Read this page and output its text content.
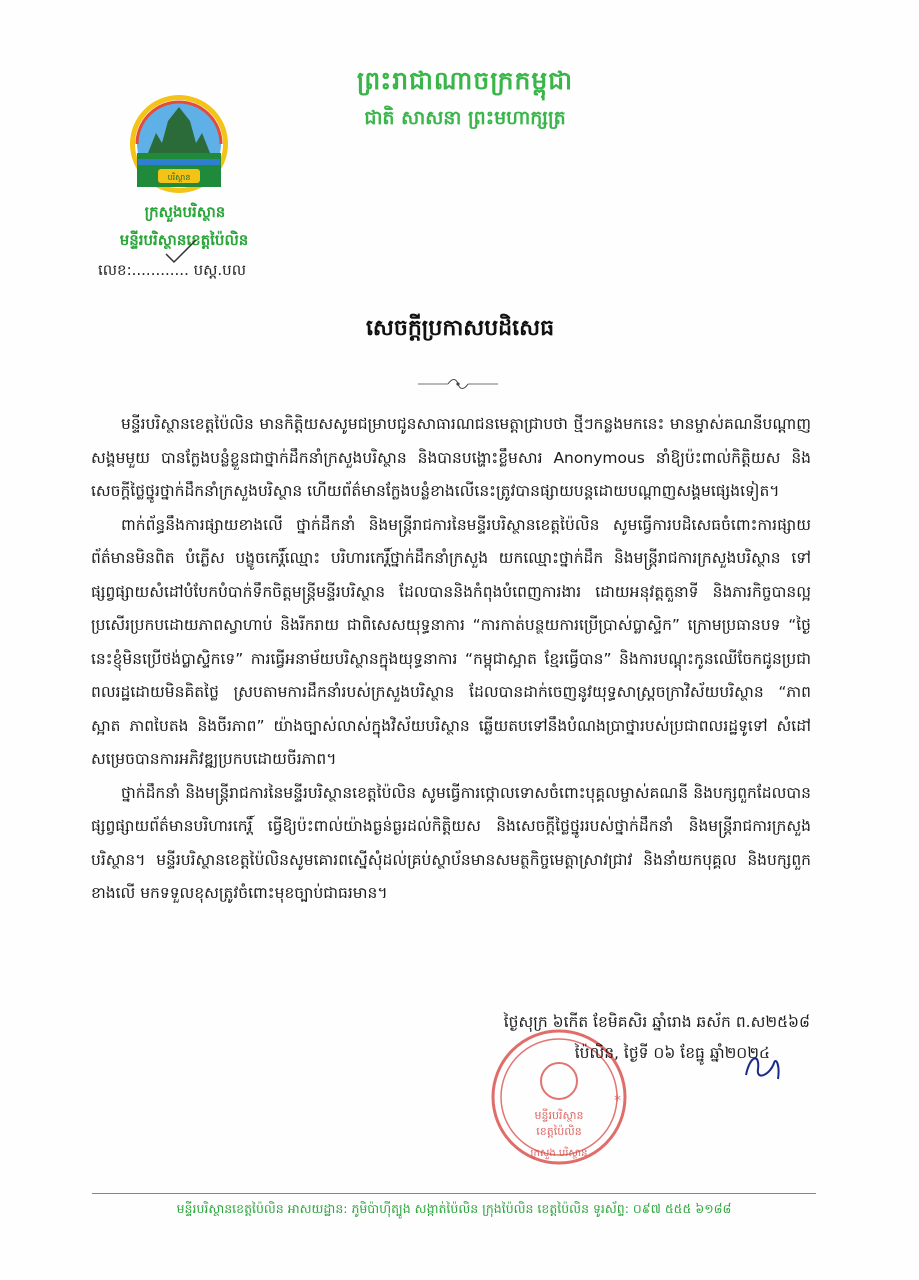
បរិស្ថាន
ព្រះរាជាណាចក្រកម្ពុជា
ជាតិ សាសនា ព្រះមហាក្សត្រ
ក្រសួងបរិស្ថាន
មន្ទីរបរិស្ថានខេត្តប៉ៃលិន
លេខ:............ បស្ត.បល
សេចក្ដីប្រកាសបដិសេធ

មន្ទីរបរិស្ថានខេត្តប៉ៃលិន មានកិត្តិយសសូមជម្រាបជូនសាធារណជនមេត្តាជ្រាបថា ថ្មីៗកន្លងមកនេះ មានម្ចាស់គណនីបណ្ដាញសង្គមមួយ បានក្លែងបន្លំខ្លួនជាថ្នាក់ដឹកនាំក្រសួងបរិស្ថាន និងបានបង្ហោះខ្លឹមសារ Anonymous នាំឱ្យប៉ះពាល់កិត្តិយស និងសេចក្ដីថ្លៃថ្នូរថ្នាក់ដឹកនាំក្រសួងបរិស្ថាន ហើយព័ត៌មានក្លែងបន្លំខាងលើនេះត្រូវបានផ្សាយបន្តដោយបណ្ដាញសង្គមផ្សេងទៀត។

ពាក់ព័ន្ធនឹងការផ្សាយខាងលើ ថ្នាក់ដឹកនាំ និងមន្ត្រីរាជការនៃមន្ទីរបរិស្ថានខេត្តប៉ៃលិន សូមធ្វើការបដិសេធចំពោះការផ្សាយព័ត៌មានមិនពិត បំភ្លើស បង្ខូចកេរ្តិ៍ឈ្មោះ បរិហារកេរ្តិ៍ថ្នាក់ដឹកនាំក្រសួង យកឈ្មោះថ្នាក់ដឹក និងមន្ត្រីរាជការក្រសួងបរិស្ថាន ទៅផ្សព្វផ្សាយសំដៅបំបែកបំបាក់ទឹកចិត្តមន្ត្រីមន្ទីរបរិស្ថាន ដែលបាននិងកំពុងបំពេញការងារ ដោយអនុវត្តតួនាទី និងភារកិច្ចបានល្អប្រសើរប្រកបដោយភាពស្វាហាប់ និងរីករាយ ជាពិសេសយុទ្ធនាការ “ការកាត់បន្ថយការប្រើប្រាស់ប្លាស្ទិក” ក្រោមប្រធានបទ “ថ្ងៃនេះខ្ញុំមិនប្រើថង់ប្លាស្ទិកទេ” ការធ្វើអនាម័យបរិស្ថានក្នុងយុទ្ធនាការ “កម្ពុជាស្អាត ខ្មែរធ្វើបាន” និងការបណ្ដុះកូនឈើចែកជូនប្រជាពលរដ្ឋដោយមិនគិតថ្លៃ ស្របតាមការដឹកនាំរបស់ក្រសួងបរិស្ថាន ដែលបានដាក់ចេញនូវយុទ្ធសាស្ត្រចក្រាវិស័យបរិស្ថាន “ភាពស្អាត ភាពបៃតង និងចីរភាព” យ៉ាងច្បាស់លាស់ក្នុងវិស័យបរិស្ថាន ឆ្លើយតបទៅនឹងបំណងប្រាថ្នារបស់ប្រជាពលរដ្ឋទូទៅ សំដៅសម្រេចបានការអភិវឌ្ឍប្រកបដោយចីរភាព។

ថ្នាក់ដឹកនាំ និងមន្ត្រីរាជការនៃមន្ទីរបរិស្ថានខេត្តប៉ៃលិន សូមធ្វើការថ្កោលទោសចំពោះបុគ្គលម្ចាស់គណនី និងបក្សពួកដែលបានផ្សព្វផ្សាយព័ត៌មានបរិហារកេរ្តិ៍ ធ្វើឱ្យប៉ះពាល់យ៉ាងធ្ងន់ធ្ងរដល់កិត្តិយស និងសេចក្ដីថ្លៃថ្នូររបស់ថ្នាក់ដឹកនាំ និងមន្ត្រីរាជការក្រសួងបរិស្ថាន។ មន្ទីរបរិស្ថានខេត្តប៉ៃលិនសូមគោរពស្នើសុំដល់គ្រប់ស្ថាប័នមានសមត្ថកិច្ចមេត្តាស្រាវជ្រាវ និងនាំយកបុគ្គល និងបក្សពួកខាងលើ មកទទួលខុសត្រូវចំពោះមុខច្បាប់ជាធរមាន។

មន្ទីរបរិស្ថាន
ខេត្តប៉ៃលិន
ក្រសួង បរិស្ថាន
*
ថ្ងៃសុក្រ ៦កើត ខែមិគសិរ ឆ្នាំរោង ឆស័ក ព.ស២៥៦៨
ប៉ៃលិន, ថ្ងៃទី ០៦ ខែធ្នូ ឆ្នាំ២០២៤
មន្ទីរបរិស្ថានខេត្តប៉ៃលិន អាសយដ្ឋាន: ភូមិប៉ាហ៊ីត្បូង សង្កាត់ប៉ៃលិន ក្រុងប៉ៃលិន ខេត្តប៉ៃលិន ទូរស័ព្ទ: ០៩៧ ៥៥៥ ៦១៨៨
